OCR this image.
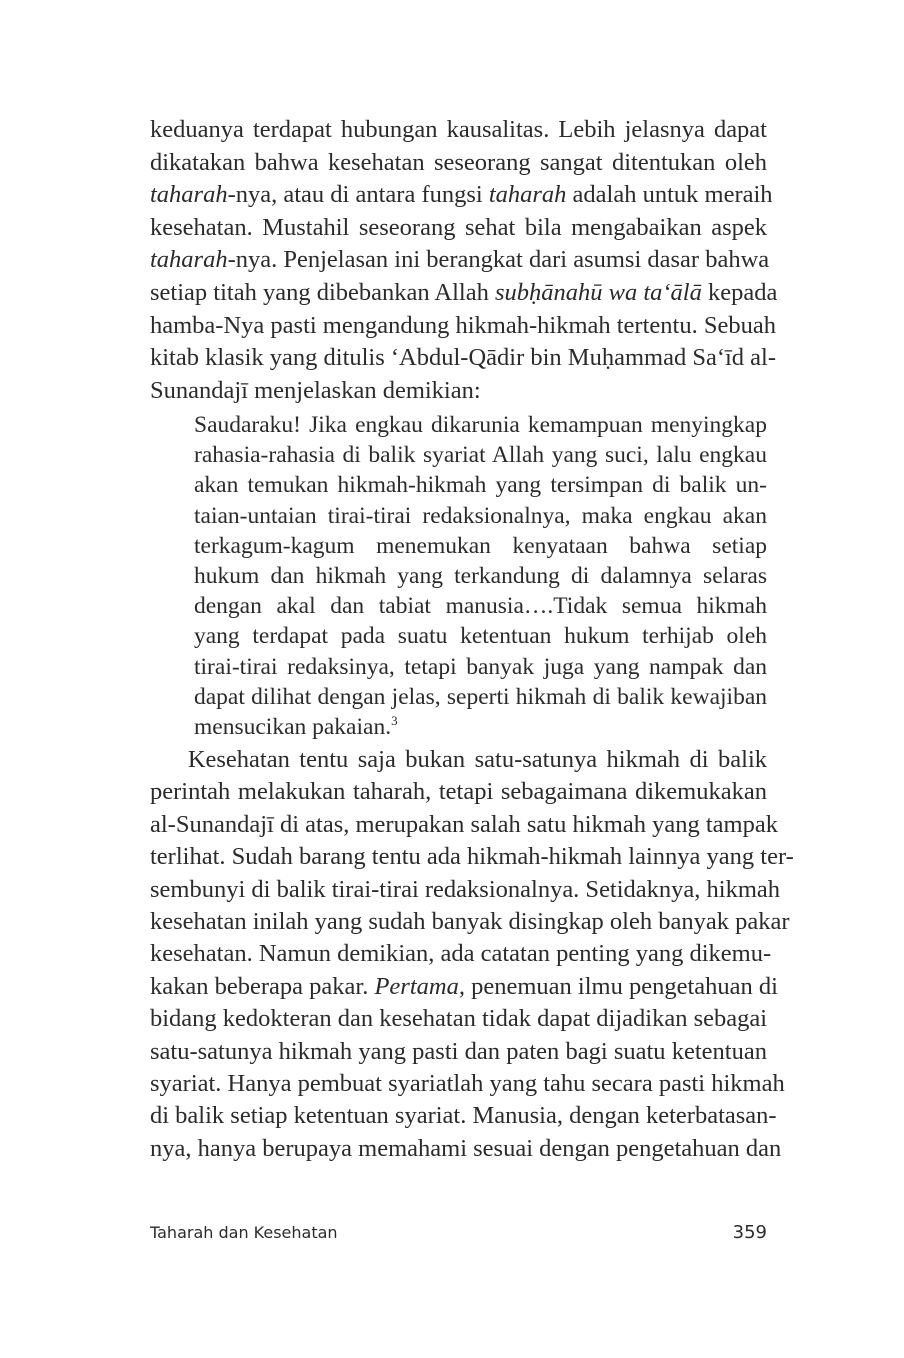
keduanya terdapat hubungan kausalitas. Lebih jelasnya dapat
dikatakan bahwa kesehatan seseorang sangat ditentukan oleh
taharah-nya, atau di antara fungsi taharah adalah untuk meraih
kesehatan. Mustahil seseorang sehat bila mengabaikan aspek
taharah-nya. Penjelasan ini berangkat dari asumsi dasar bahwa
setiap titah yang dibebankan Allah subḥānahū wa ta‘ālā kepada
hamba-Nya pasti mengandung hikmah-hikmah tertentu. Sebuah
kitab klasik yang ditulis ‘Abdul-Qādir bin Muḥammad Sa‘īd al-
Sunandajī menjelaskan demikian:
Saudaraku! Jika engkau dikarunia kemampuan menyingkap
rahasia-rahasia di balik syariat Allah yang suci, lalu engkau
akan temukan hikmah-hikmah yang tersimpan di balik un-
taian-untaian tirai-tirai redaksionalnya, maka engkau akan
terkagum-kagum menemukan kenyataan bahwa setiap
hukum dan hikmah yang terkandung di dalamnya selaras
dengan akal dan tabiat manusia….Tidak semua hikmah
yang terdapat pada suatu ketentuan hukum terhijab oleh
tirai-tirai redaksinya, tetapi banyak juga yang nampak dan
dapat dilihat dengan jelas, seperti hikmah di balik kewajiban
mensucikan pakaian.$^3$
Kesehatan tentu saja bukan satu-satunya hikmah di balik
perintah melakukan taharah, tetapi sebagaimana dikemukakan
al-Sunandajī di atas, merupakan salah satu hikmah yang tampak
terlihat. Sudah barang tentu ada hikmah-hikmah lainnya yang ter-
sembunyi di balik tirai-tirai redaksionalnya. Setidaknya, hikmah
kesehatan inilah yang sudah banyak disingkap oleh banyak pakar
kesehatan. Namun demikian, ada catatan penting yang dikemu-
kakan beberapa pakar. Pertama, penemuan ilmu pengetahuan di
bidang kedokteran dan kesehatan tidak dapat dijadikan sebagai
satu-satunya hikmah yang pasti dan paten bagi suatu ketentuan
syariat. Hanya pembuat syariatlah yang tahu secara pasti hikmah
di balik setiap ketentuan syariat. Manusia, dengan keterbatasan-
nya, hanya berupaya memahami sesuai dengan pengetahuan dan
Taharah dan Kesehatan	359
